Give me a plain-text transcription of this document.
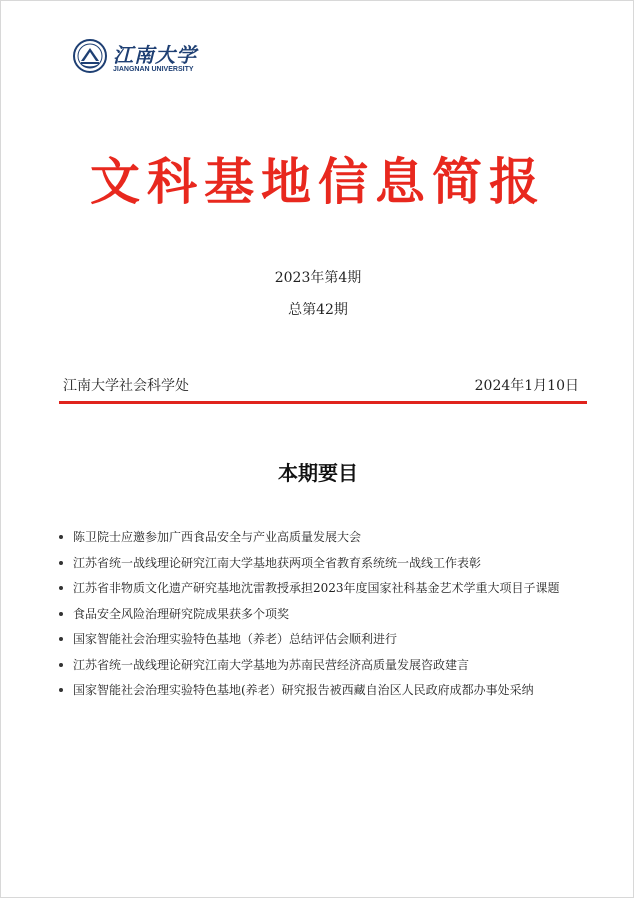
江南大学
JIANGNAN UNIVERSITY
文科基地信息简报
2023年第4期
总第42期
江南大学社会科学处	2024年1月10日
本期要目
陈卫院士应邀参加广西食品安全与产业高质量发展大会
江苏省统一战线理论研究江南大学基地获两项全省教育系统统一战线工作表彰
江苏省非物质文化遗产研究基地沈雷教授承担2023年度国家社科基金艺术学重大项目子课题
食品安全风险治理研究院成果获多个项奖
国家智能社会治理实验特色基地（养老）总结评估会顺利进行
江苏省统一战线理论研究江南大学基地为苏南民营经济高质量发展咨政建言
国家智能社会治理实验特色基地(养老）研究报告被西藏自治区人民政府成都办事处采纳
